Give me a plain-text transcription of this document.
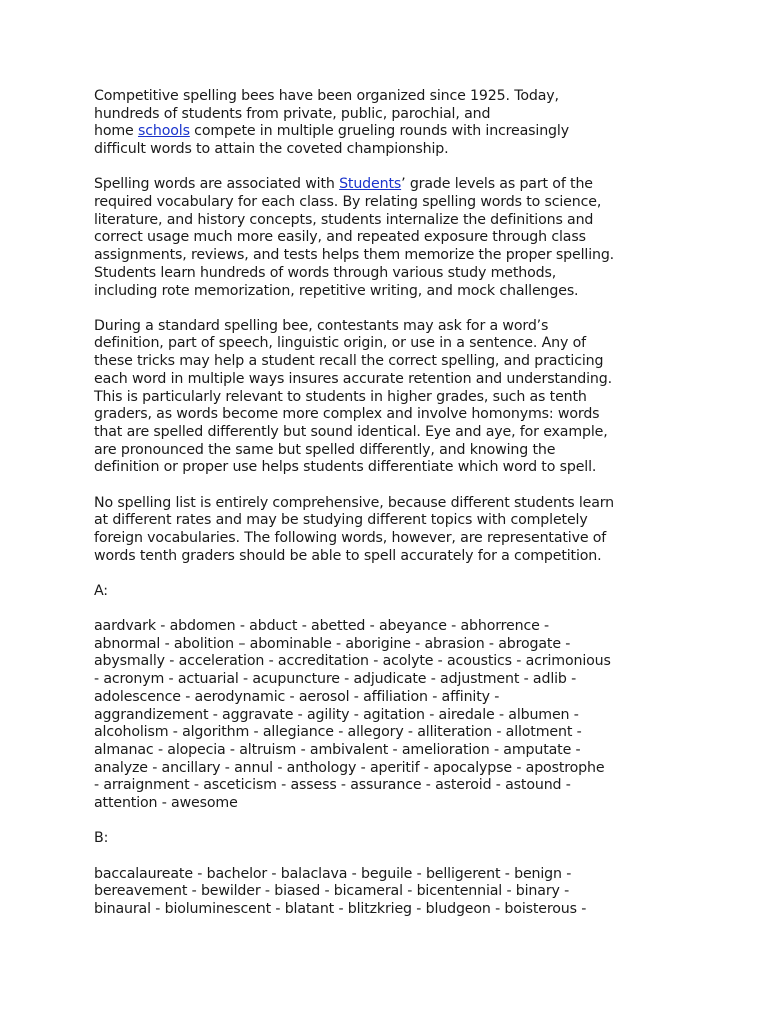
Competitive spelling bees have been organized since 1925. Today,
hundreds of students from private, public, parochial, and
home schools compete in multiple grueling rounds with increasingly
difficult words to attain the coveted championship.

Spelling words are associated with Students’ grade levels as part of the
required vocabulary for each class. By relating spelling words to science,
literature, and history concepts, students internalize the definitions and
correct usage much more easily, and repeated exposure through class
assignments, reviews, and tests helps them memorize the proper spelling.
Students learn hundreds of words through various study methods,
including rote memorization, repetitive writing, and mock challenges.

During a standard spelling bee, contestants may ask for a word’s
definition, part of speech, linguistic origin, or use in a sentence. Any of
these tricks may help a student recall the correct spelling, and practicing
each word in multiple ways insures accurate retention and understanding.
This is particularly relevant to students in higher grades, such as tenth
graders, as words become more complex and involve homonyms: words
that are spelled differently but sound identical. Eye and aye, for example,
are pronounced the same but spelled differently, and knowing the
definition or proper use helps students differentiate which word to spell.

No spelling list is entirely comprehensive, because different students learn
at different rates and may be studying different topics with completely
foreign vocabularies. The following words, however, are representative of
words tenth graders should be able to spell accurately for a competition.

A:

aardvark - abdomen - abduct - abetted - abeyance - abhorrence -
abnormal - abolition – abominable - aborigine - abrasion - abrogate -
abysmally - acceleration - accreditation - acolyte - acoustics - acrimonious
- acronym - actuarial - acupuncture - adjudicate - adjustment - adlib -
adolescence - aerodynamic - aerosol - affiliation - affinity -
aggrandizement - aggravate - agility - agitation - airedale - albumen -
alcoholism - algorithm - allegiance - allegory - alliteration - allotment -
almanac - alopecia - altruism - ambivalent - amelioration - amputate -
analyze - ancillary - annul - anthology - aperitif - apocalypse - apostrophe
- arraignment - asceticism - assess - assurance - asteroid - astound -
attention - awesome

B:

baccalaureate - bachelor - balaclava - beguile - belligerent - benign -
bereavement - bewilder - biased - bicameral - bicentennial - binary -
binaural - bioluminescent - blatant - blitzkrieg - bludgeon - boisterous -
